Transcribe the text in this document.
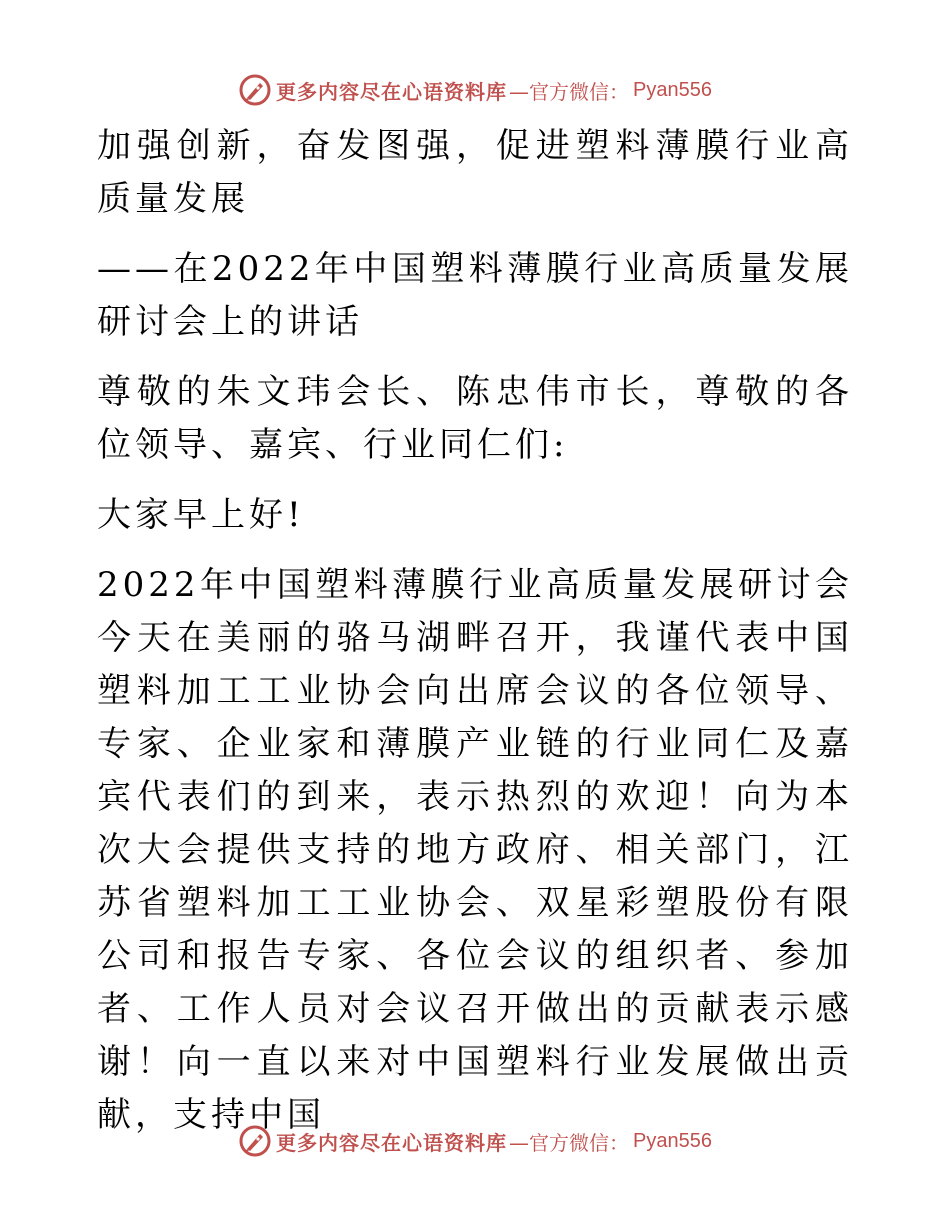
更多内容尽在心语资料库 —官方微信： Pyan556

加强创新，奋发图强，促进塑料薄膜行业高质量发展

——在2022年中国塑料薄膜行业高质量发展研讨会上的讲话

尊敬的朱文玮会长、陈忠伟市长，尊敬的各位领导、嘉宾、行业同仁们:

大家早上好!

2022年中国塑料薄膜行业高质量发展研讨会今天在美丽的骆马湖畔召开，我谨代表中国塑料加工工业协会向出席会议的各位领导、专家、企业家和薄膜产业链的行业同仁及嘉宾代表们的到来，表示热烈的欢迎！向为本次大会提供支持的地方政府、相关部门，江苏省塑料加工工业协会、双星彩塑股份有限公司和报告专家、各位会议的组织者、参加者、工作人员对会议召开做出的贡献表示感谢！向一直以来对中国塑料行业发展做出贡献，支持中国

更多内容尽在心语资料库 —官方微信： Pyan556
